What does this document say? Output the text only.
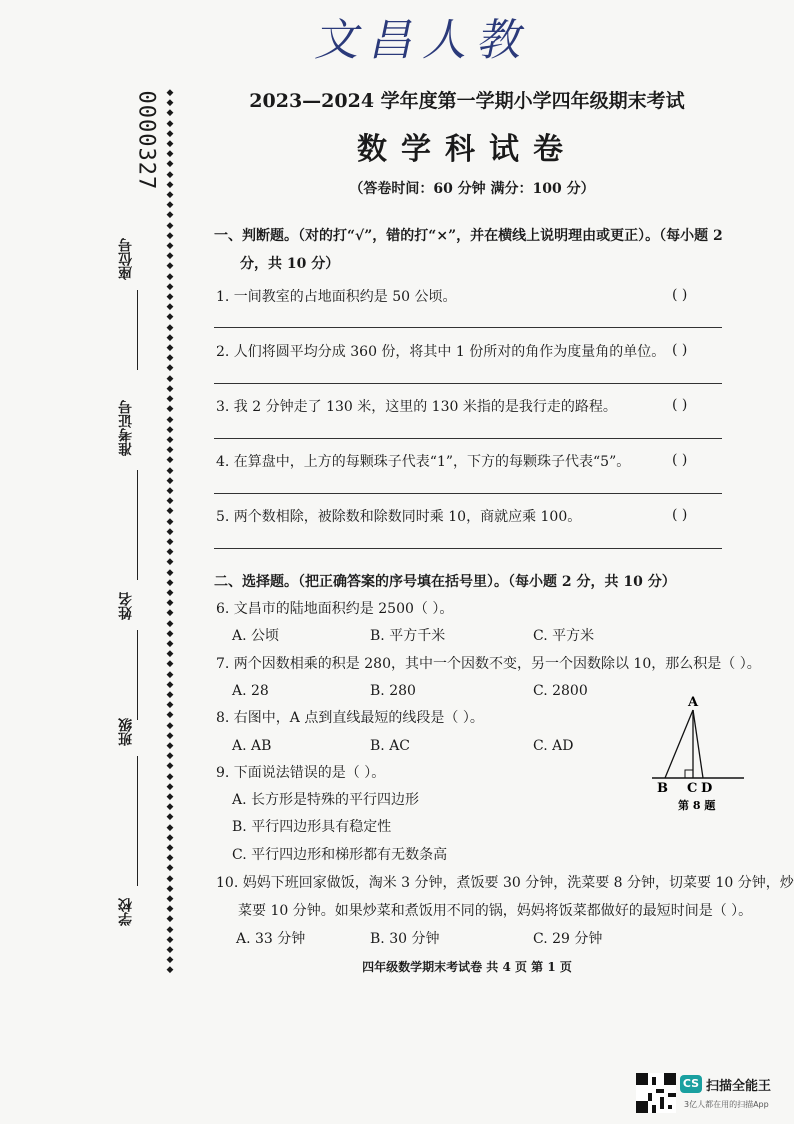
文昌人教
0000327 ◆
◆
◆
◆
◆
◆
◆
◆
◆
◆
◆
◆
◆
◆
◆
◆
◆
◆
◆
◆
◆
◆
◆
◆
◆
◆
◆
◆
◆
◆
◆
◆
◆
◆
◆
◆
◆
◆
◆
◆
◆
◆
◆
◆
◆
◆
◆
◆
◆
◆
◆
◆
◆
◆
◆
◆
◆
◆
◆
◆
◆
◆
◆
◆
◆
◆
◆
◆
◆
◆
◆
◆
◆
◆
◆
◆
◆
◆
◆
◆
◆
◆
◆
◆
◆
◆
◆

座位号
准考证号
姓名
班级
学校
2023—2024 学年度第一学期小学四年级期末考试
数学科试卷
（答卷时间：60 分钟 满分：100 分）
一、判断题。（对的打“√”，错的打“×”，并在横线上说明理由或更正）。（每小题 2
分，共 10 分）
1. 一间教室的占地面积约是 50 公顷。	( )
2. 人们将圆平均分成 360 份，将其中 1 份所对的角作为度量角的单位。 ( )
3. 我 2 分钟走了 130 米，这里的 130 米指的是我行走的路程。	( )
4. 在算盘中，上方的每颗珠子代表“1”，下方的每颗珠子代表“5”。	( )
5. 两个数相除，被除数和除数同时乘 10，商就应乘 100。	( )
二、选择题。（把正确答案的序号填在括号里）。（每小题 2 分，共 10 分）
6. 文昌市的陆地面积约是 2500（ ）。
A. 公顷	B. 平方千米	C. 平方米
7. 两个因数相乘的积是 280，其中一个因数不变，另一个因数除以 10，那么积是（ ）。
A. 28	B. 280	C. 2800
8. 右图中，A 点到直线最短的线段是（ ）。
A. AB	B. AC	C. AD
9. 下面说法错误的是（ ）。
A. 长方形是特殊的平行四边形
B. 平行四边形具有稳定性
C. 平行四边形和梯形都有无数条高
10. 妈妈下班回家做饭，淘米 3 分钟，煮饭要 30 分钟，洗菜要 8 分钟，切菜要 10 分钟，炒
菜要 10 分钟。如果炒菜和煮饭用不同的锅，妈妈将饭菜都做好的最短时间是（ ）。
A. 33 分钟	B. 30 分钟	C. 29 分钟
A
B C D
第 8 题
四年级数学期末考试卷 共 4 页 第 1 页
CS 扫描全能王
3亿人都在用的扫描App
